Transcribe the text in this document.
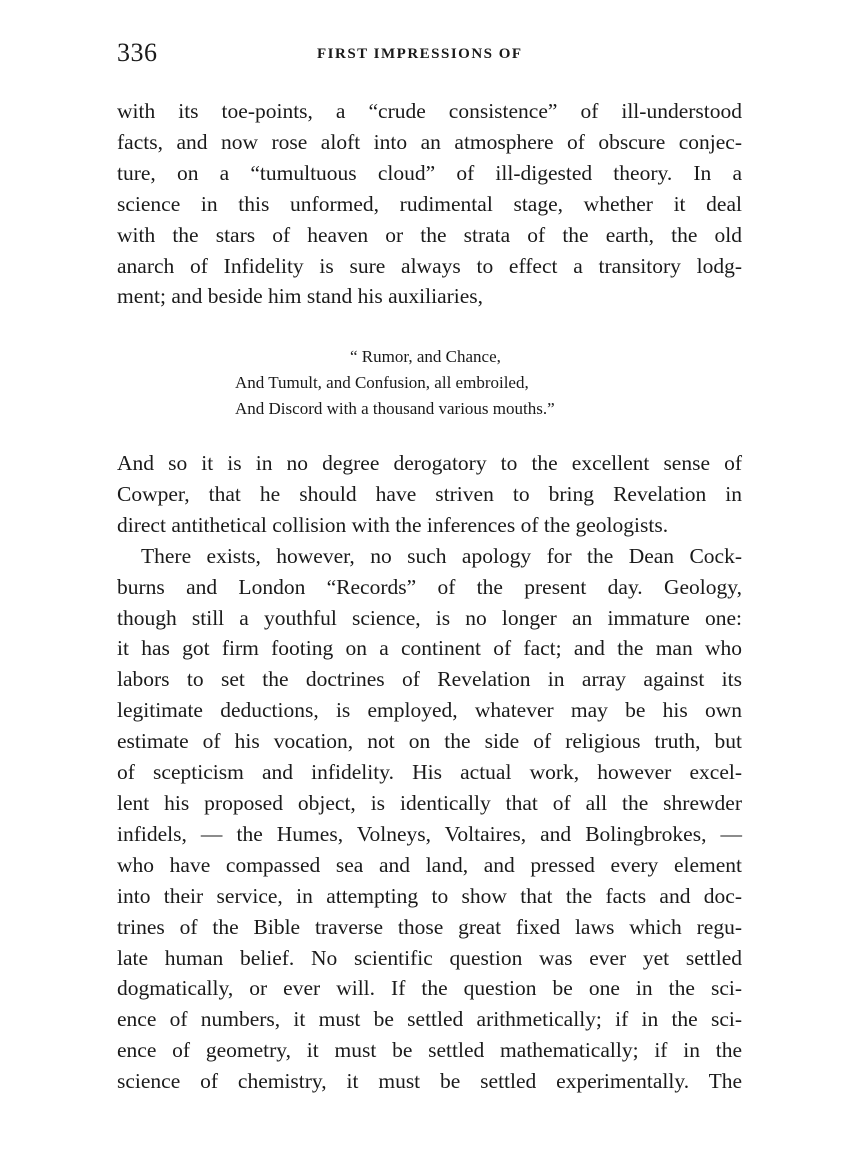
336	FIRST IMPRESSIONS OF
with its toe-points, a “crude consistence” of ill-understood
facts, and now rose aloft into an atmosphere of obscure conjec-
ture, on a “tumultuous cloud” of ill-digested theory. In a
science in this unformed, rudimental stage, whether it deal
with the stars of heaven or the strata of the earth, the old
anarch of Infidelity is sure always to effect a transitory lodg-
ment; and beside him stand his auxiliaries,
“ Rumor, and Chance,
And Tumult, and Confusion, all embroiled,
And Discord with a thousand various mouths.”
And so it is in no degree derogatory to the excellent sense of
Cowper, that he should have striven to bring Revelation in
direct antithetical collision with the inferences of the geologists.
There exists, however, no such apology for the Dean Cock-
burns and London “Records” of the present day. Geology,
though still a youthful science, is no longer an immature one:
it has got firm footing on a continent of fact; and the man who
labors to set the doctrines of Revelation in array against its
legitimate deductions, is employed, whatever may be his own
estimate of his vocation, not on the side of religious truth, but
of scepticism and infidelity. His actual work, however excel-
lent his proposed object, is identically that of all the shrewder
infidels, — the Humes, Volneys, Voltaires, and Bolingbrokes, —
who have compassed sea and land, and pressed every element
into their service, in attempting to show that the facts and doc-
trines of the Bible traverse those great fixed laws which regu-
late human belief. No scientific question was ever yet settled
dogmatically, or ever will. If the question be one in the sci-
ence of numbers, it must be settled arithmetically; if in the sci-
ence of geometry, it must be settled mathematically; if in the
science of chemistry, it must be settled experimentally. The
